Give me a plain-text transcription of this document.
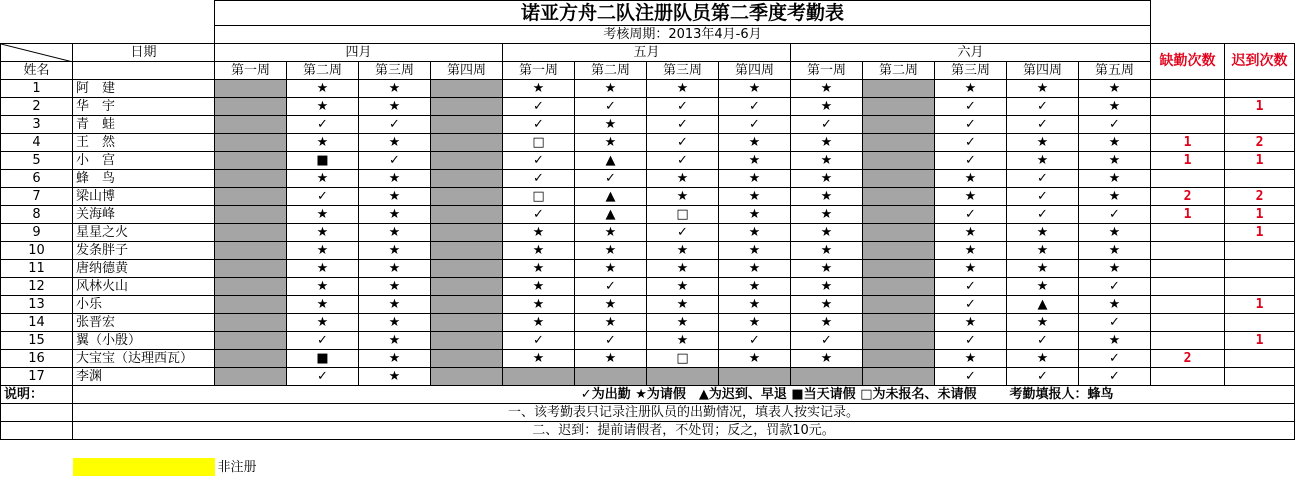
		诺亚方舟二队注册队员第二季度考勤表														
		考核周期：2013年4月-6月														

	日期	四月				五月				六月					缺勤次数	迟到次数
姓名		第一周	第二周	第三周	第四周	第一周	第二周	第三周	第四周	第一周	第二周	第三周	第四周	第五周		
1	阿　建		★	★		★	★	★	★	★		★	★	★		
2	华　宇		★	★		✓	✓	✓	✓	★		✓	✓	★		1
3	青　蛙		✓	✓		✓	★	✓	✓	✓		✓	✓	✓		
4	王　然		★	★		□	★	✓	★	★		✓	★	★	1	2
5	小　宫		■	✓		✓	▲	✓	★	★		✓	★	★	1	1
6	蜂　鸟		★	★		✓	✓	★	★	★		★	✓	★		
7	梁山博		✓	★		□	▲	★	★	★		★	✓	★	2	2
8	关海峰		★	★		✓	▲	□	★	★		✓	✓	✓	1	1
9	星星之火		★	★		★	★	✓	★	★		★	★	★		1
10	发条胖子		★	★		★	★	★	★	★		★	★	★		
11	唐纳德黄		★	★		★	★	★	★	★		★	★	★		
12	风林火山		★	★		★	✓	★	★	★		✓	★	✓		
13	小乐		★	★		★	★	★	★	★		✓	▲	★		1
14	张晋宏		★	★		★	★	★	★	★		★	★	✓		
15	翼（小殷）		✓	★		✓	✓	★	✓	✓		✓	✓	★		1
16	大宝宝（达理西瓦）		■	★		★	★	□	★	★		★	★	✓	2	
17	李渊		✓	★								✓	✓	✓		
说明：	✓为出勤 ★为请假　▲为迟到、早退 ■当天请假 □为未报名、未请假												考勤填报人：蜂鸟			
	一、该考勤表只记录注册队员的出勤情况，填表人按实记录。															
	二、迟到：提前请假者，不处罚；反之，罚款10元。															

	非注册														
